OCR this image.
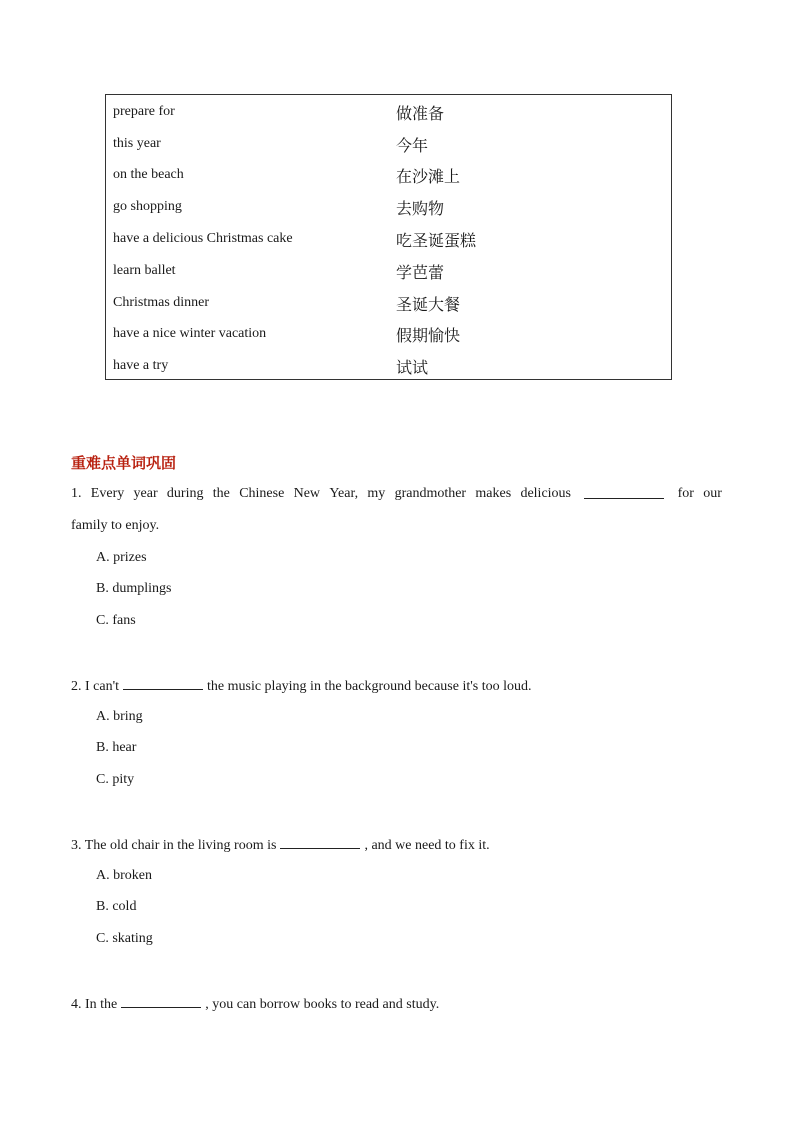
prepare for	做准备
this year	今年
on the beach	在沙滩上
go shopping	去购物
have a delicious Christmas cake	吃圣诞蛋糕
learn ballet	学芭蕾
Christmas dinner	圣诞大餐
have a nice winter vacation	假期愉快
have a try	试试
重难点单词巩固
1. Every year during the Chinese New Year, my grandmother makes delicious	for our
family to enjoy.
A. prizes
B. dumplings
C. fans
2. I can't	the music playing in the background because it's too loud.
A. bring
B. hear
C. pity
3. The old chair in the living room is	, and we need to fix it.
A. broken
B. cold
C. skating
4. In the	, you can borrow books to read and study.
